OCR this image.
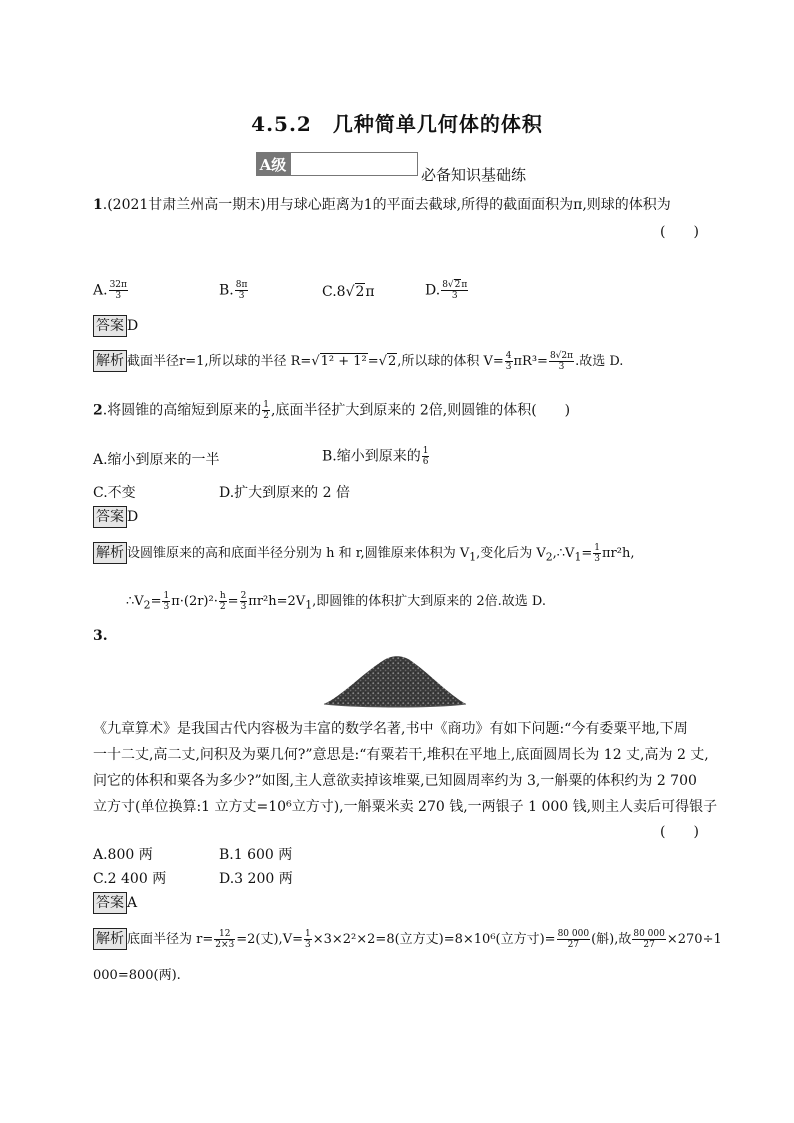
4.5.2　几种简单几何体的体积
A级
必备知识基础练
1.(2021甘肃兰州高一期末)用与球心距离为1的平面去截球,所得的截面面积为π,则球的体积为
(　　)
A. $\frac{32\pi}{3}$	B. $\frac{8\pi}{3}$	C.8√2π	D. $\frac{8√2\pi}{3}$
答案 D
解析 截面半径r=1,所以球的半径 R=√1² + 1²=√2,所以球的体积 $V= \frac{4}{3} \pi R^3= \frac{8√2\pi}{3}$ .故选 D.
2.将圆锥的高缩短到原来的 $\frac{1}{2}$ ,底面半径扩大到原来的 2倍,则圆锥的体积(　　)
A.缩小到原来的一半	B.缩小到原来的 $\frac{1}{6}$
C.不变	D.扩大到原来的 2 倍
答案 D
解析 设圆锥原来的高和底面半径分别为 h 和 r,圆锥原来体积为 $V_1$,变化后为 $V_2,\therefore V_1= \frac{1}{3} \pi r^2h$,
$\therefore V_2= \frac{1}{3} \pi\cdot(2r)^2\cdot \frac{h}{2} = \frac{2}{3} \pi r^2h=2V_1$,即圆锥的体积扩大到原来的 2倍.故选 D.
3.
《九章算术》是我国古代内容极为丰富的数学名著,书中《商功》有如下问题:“今有委粟平地,下周
一十二丈,高二丈,问积及为粟几何?”意思是:“有粟若干,堆积在平地上,底面圆周长为 12 丈,高为 2 丈,
问它的体积和粟各为多少?”如图,主人意欲卖掉该堆粟,已知圆周率约为 3,一斛粟的体积约为 2 700
立方寸(单位换算:1 立方丈=10⁶立方寸),一斛粟米卖 270 钱,一两银子 1 000 钱,则主人卖后可得银子
(　　)
A.800 两	B.1 600 两
C.2 400 两	D.3 200 两
答案 A
解析 底面半径为 $r= \frac{12}{2\times 3} =2$(丈)$,V= \frac{1}{3} \times 3\times 2^2\times 2=8$(立方丈)=8×10⁶(立方寸)= $\frac{80 000}{27}$ (斛),故 $\frac{80 000}{27} \times 270\div 1$
000=800(两).
